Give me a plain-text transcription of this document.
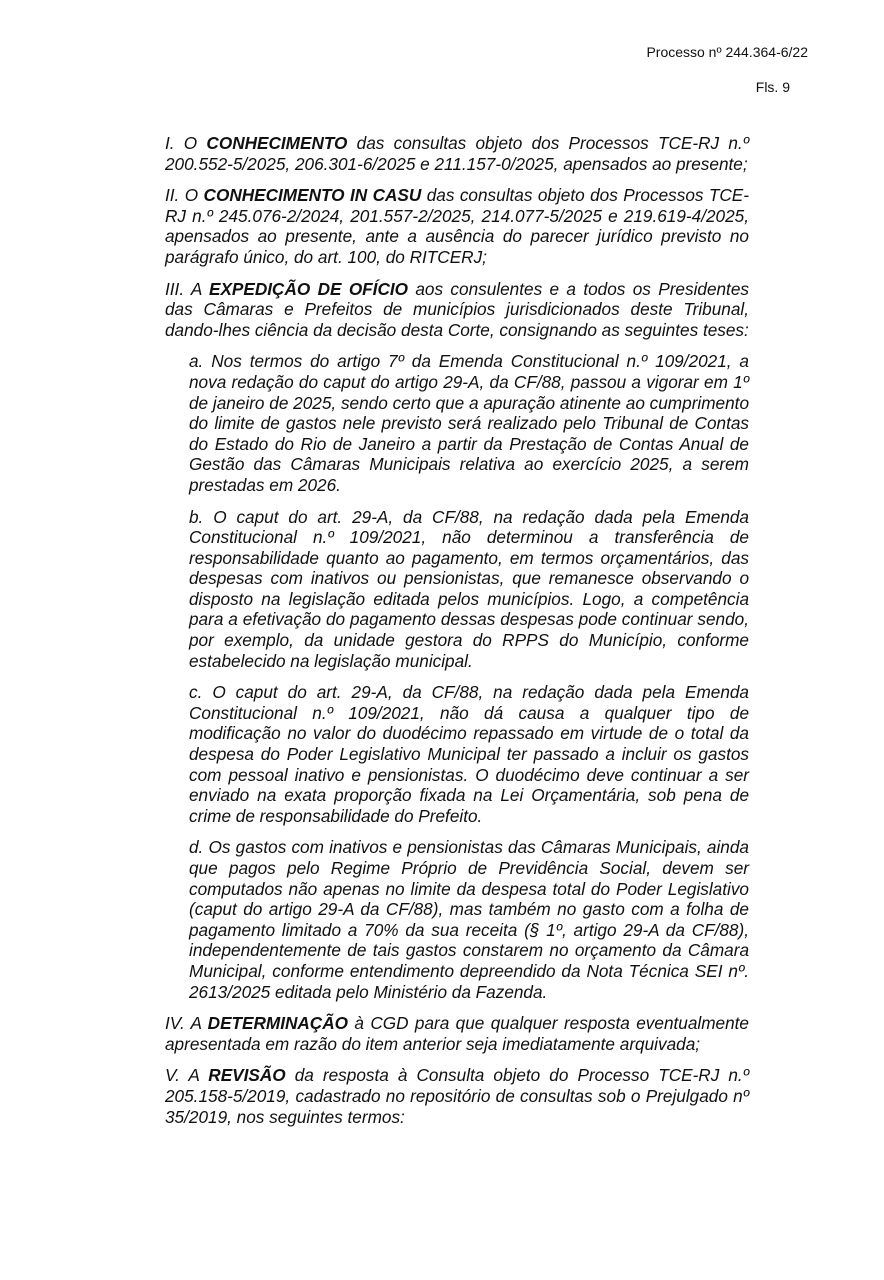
Processo nº 244.364-6/22
Fls. 9

I. O CONHECIMENTO das consultas objeto dos Processos TCE-RJ n.º 200.552-5/2025, 206.301-6/2025 e 211.157-0/2025, apensados ao presente;

II. O CONHECIMENTO IN CASU das consultas objeto dos Processos TCE-RJ n.º 245.076-2/2024, 201.557-2/2025, 214.077-5/2025 e 219.619-4/2025, apensados ao presente, ante a ausência do parecer jurídico previsto no parágrafo único, do art. 100, do RITCERJ;

III. A EXPEDIÇÃO DE OFÍCIO aos consulentes e a todos os Presidentes das Câmaras e Prefeitos de municípios jurisdicionados deste Tribunal, dando-lhes ciência da decisão desta Corte, consignando as seguintes teses:

a. Nos termos do artigo 7º da Emenda Constitucional n.º 109/2021, a nova redação do caput do artigo 29-A, da CF/88, passou a vigorar em 1º de janeiro de 2025, sendo certo que a apuração atinente ao cumprimento do limite de gastos nele previsto será realizado pelo Tribunal de Contas do Estado do Rio de Janeiro a partir da Prestação de Contas Anual de Gestão das Câmaras Municipais relativa ao exercício 2025, a serem prestadas em 2026.

b. O caput do art. 29-A, da CF/88, na redação dada pela Emenda Constitucional n.º 109/2021, não determinou a transferência de responsabilidade quanto ao pagamento, em termos orçamentários, das despesas com inativos ou pensionistas, que remanesce observando o disposto na legislação editada pelos municípios. Logo, a competência para a efetivação do pagamento dessas despesas pode continuar sendo, por exemplo, da unidade gestora do RPPS do Município, conforme estabelecido na legislação municipal.

c. O caput do art. 29-A, da CF/88, na redação dada pela Emenda Constitucional n.º 109/2021, não dá causa a qualquer tipo de modificação no valor do duodécimo repassado em virtude de o total da despesa do Poder Legislativo Municipal ter passado a incluir os gastos com pessoal inativo e pensionistas. O duodécimo deve continuar a ser enviado na exata proporção fixada na Lei Orçamentária, sob pena de crime de responsabilidade do Prefeito.

d. Os gastos com inativos e pensionistas das Câmaras Municipais, ainda que pagos pelo Regime Próprio de Previdência Social, devem ser computados não apenas no limite da despesa total do Poder Legislativo (caput do artigo 29-A da CF/88), mas também no gasto com a folha de pagamento limitado a 70% da sua receita (§ 1º, artigo 29-A da CF/88), independentemente de tais gastos constarem no orçamento da Câmara Municipal, conforme entendimento depreendido da Nota Técnica SEI nº. 2613/2025 editada pelo Ministério da Fazenda.

IV. A DETERMINAÇÃO à CGD para que qualquer resposta eventualmente apresentada em razão do item anterior seja imediatamente arquivada;

V. A REVISÃO da resposta à Consulta objeto do Processo TCE-RJ n.º 205.158-5/2019, cadastrado no repositório de consultas sob o Prejulgado nº 35/2019, nos seguintes termos:
